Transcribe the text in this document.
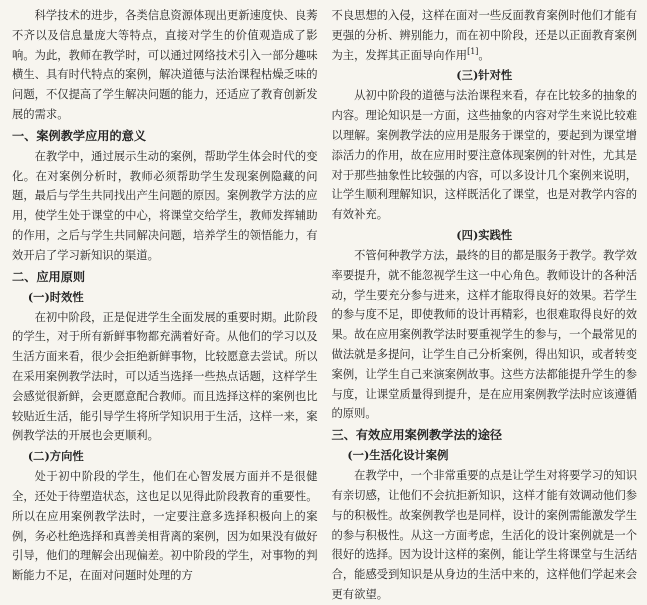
科学技术的进步，各类信息资源体现出更新速度快、良莠不齐以及信息量庞大等特点，直接对学生的价值观造成了影响。为此，教师在教学时，可以通过网络技术引入一部分趣味横生、具有时代特点的案例，解决道德与法治课程枯燥乏味的问题，不仅提高了学生解决问题的能力，还适应了教育创新发展的需求。

一、案例教学应用的意义

在教学中，通过展示生动的案例，帮助学生体会时代的变化。在对案例分析时，教师必须帮助学生发现案例隐藏的问题，最后与学生共同找出产生问题的原因。案例教学方法的应用，使学生处于课堂的中心，将课堂交给学生，教师发挥辅助的作用，之后与学生共同解决问题，培养学生的领悟能力，有效开启了学习新知识的渠道。

二、应用原则
(一)时效性

在初中阶段，正是促进学生全面发展的重要时期。此阶段的学生，对于所有新鲜事物都充满着好奇。从他们的学习以及生活方面来看，很少会拒绝新鲜事物，比较愿意去尝试。所以在采用案例教学法时，可以适当选择一些热点话题，这样学生会感觉很新鲜，会更愿意配合教师。而且选择这样的案例也比较贴近生活，能引导学生将所学知识用于生活，这样一来，案例教学法的开展也会更顺利。

(二)方向性

处于初中阶段的学生，他们在心智发展方面并不是很健全，还处于待塑造状态，这也足以见得此阶段教育的重要性。所以在应用案例教学法时，一定要注意多选择积极向上的案例，务必杜绝选择和真善美相背离的案例，因为如果没有做好引导，他们的理解会出现偏差。初中阶段的学生，对事物的判断能力不足，在面对问题时处理的方

不良思想的入侵，这样在面对一些反面教育案例时他们才能有更强的分析、辨别能力，而在初中阶段，还是以正面教育案例为主，发挥其正面导向作用[1]。

(三)针对性

从初中阶段的道德与法治课程来看，存在比较多的抽象的内容。理论知识是一方面，这些抽象的内容对学生来说比较难以理解。案例教学法的应用是服务于课堂的，要起到为课堂增添活力的作用，故在应用时要注意体现案例的针对性，尤其是对于那些抽象性比较强的内容，可以多设计几个案例来说明，让学生顺利理解知识，这样既活化了课堂，也是对教学内容的有效补充。

(四)实践性

不管何种教学方法，最终的目的都是服务于教学。教学效率要提升，就不能忽视学生这一中心角色。教师设计的各种活动，学生要充分参与进来，这样才能取得良好的效果。若学生的参与度不足，即使教师的设计再精彩，也很难取得良好的效果。故在应用案例教学法时要重视学生的参与，一个最常见的做法就是多提问，让学生自己分析案例，得出知识，或者转变案例，让学生自己来演案例故事。这些方法都能提升学生的参与度，让课堂质量得到提升，是在应用案例教学法时应该遵循的原则。

三、有效应用案例教学法的途径
(一)生活化设计案例

在教学中，一个非常重要的点是让学生对将要学习的知识有亲切感，让他们不会抗拒新知识，这样才能有效调动他们参与的积极性。故案例教学也是同样，设计的案例需能激发学生的参与积极性。从这一方面考虑，生活化的设计案例就是一个很好的选择。因为设计这样的案例，能让学生将课堂与生活结合，能感受到知识是从身边的生活中来的，这样他们学起来会更有欲望。
